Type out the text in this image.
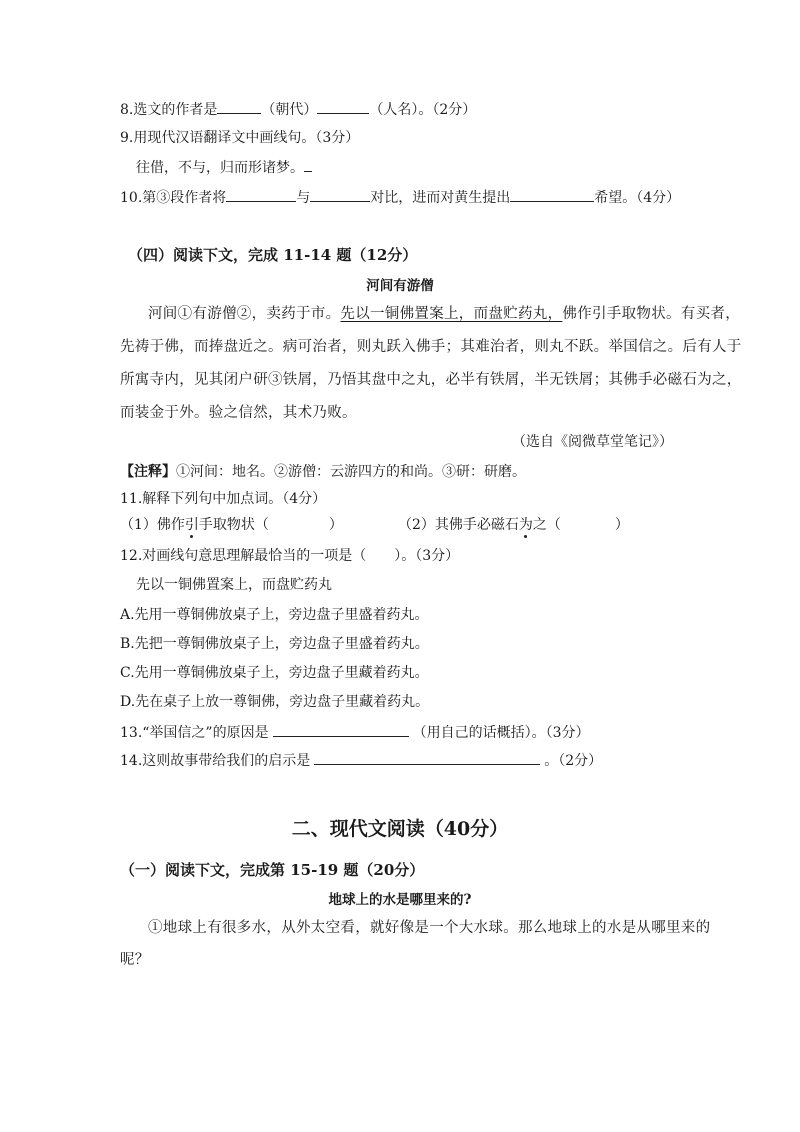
8.选文的作者是	（朝代）	（人名）。（2分）
9.用现代汉语翻译文中画线句。（3分）
往借，不与，归而形诸梦。
10.第③段作者将	与	对比，进而对黄生提出	希望。（4分）
（四）阅读下文，完成 11-14 题（12分）
河间有游僧
河间①有游僧②，卖药于市。先以一铜佛置案上，而盘贮药丸，佛作引手取物状。有买者，
先祷于佛，而捧盘近之。病可治者，则丸跃入佛手；其难治者，则丸不跃。举国信之。后有人于
所寓寺内，见其闭户研③铁屑，乃悟其盘中之丸，必半有铁屑，半无铁屑；其佛手必磁石为之，
而装金于外。验之信然，其术乃败。
（选自《阅微草堂笔记》）
【注释】①河间：地名。②游僧：云游四方的和尚。③研：研磨。
11.解释下列句中加点词。（4分）
（1）佛作引手取物状（	）	（2）其佛手必磁石为之（	）
12.对画线句意思理解最恰当的一项是（　　）。（3分）
先以一铜佛置案上，而盘贮药丸
A.先用一尊铜佛放桌子上，旁边盘子里盛着药丸。
B.先把一尊铜佛放桌子上，旁边盘子里盛着药丸。
C.先用一尊铜佛放桌子上，旁边盘子里藏着药丸。
D.先在桌子上放一尊铜佛，旁边盘子里藏着药丸。
13.“举国信之”的原因是	（用自己的话概括）。（3分）
14.这则故事带给我们的启示是	。（2分）
二、现代文阅读（40分）
（一）阅读下文，完成第 15-19 题（20分）
地球上的水是哪里来的?
①地球上有很多水，从外太空看，就好像是一个大水球。那么地球上的水是从哪里来的
呢？
